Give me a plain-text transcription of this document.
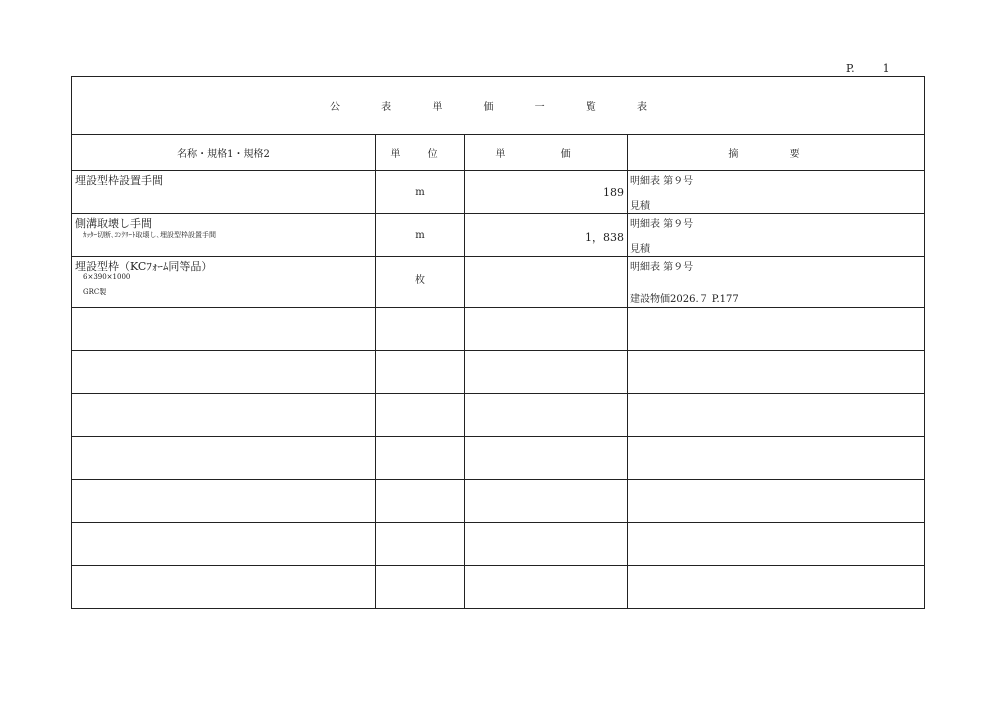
P.	1
公 表 単 価 一 覧 表			
名称・規格1・規格2	単 位	単 価	摘 要

埋設型枠設置手間	m	189	明細表 第９号
見積

側溝取壊し手間
ｶｯﾀｰ切断､ｺﾝｸﾘｰﾄ取壊し､埋設型枠設置手間	m	1，838	明細表 第９号
見積

埋設型枠（KCﾌｫｰﾑ同等品）
6×390×1000
GRC製	枚		明細表 第９号
建設物価2026.７ P.177
